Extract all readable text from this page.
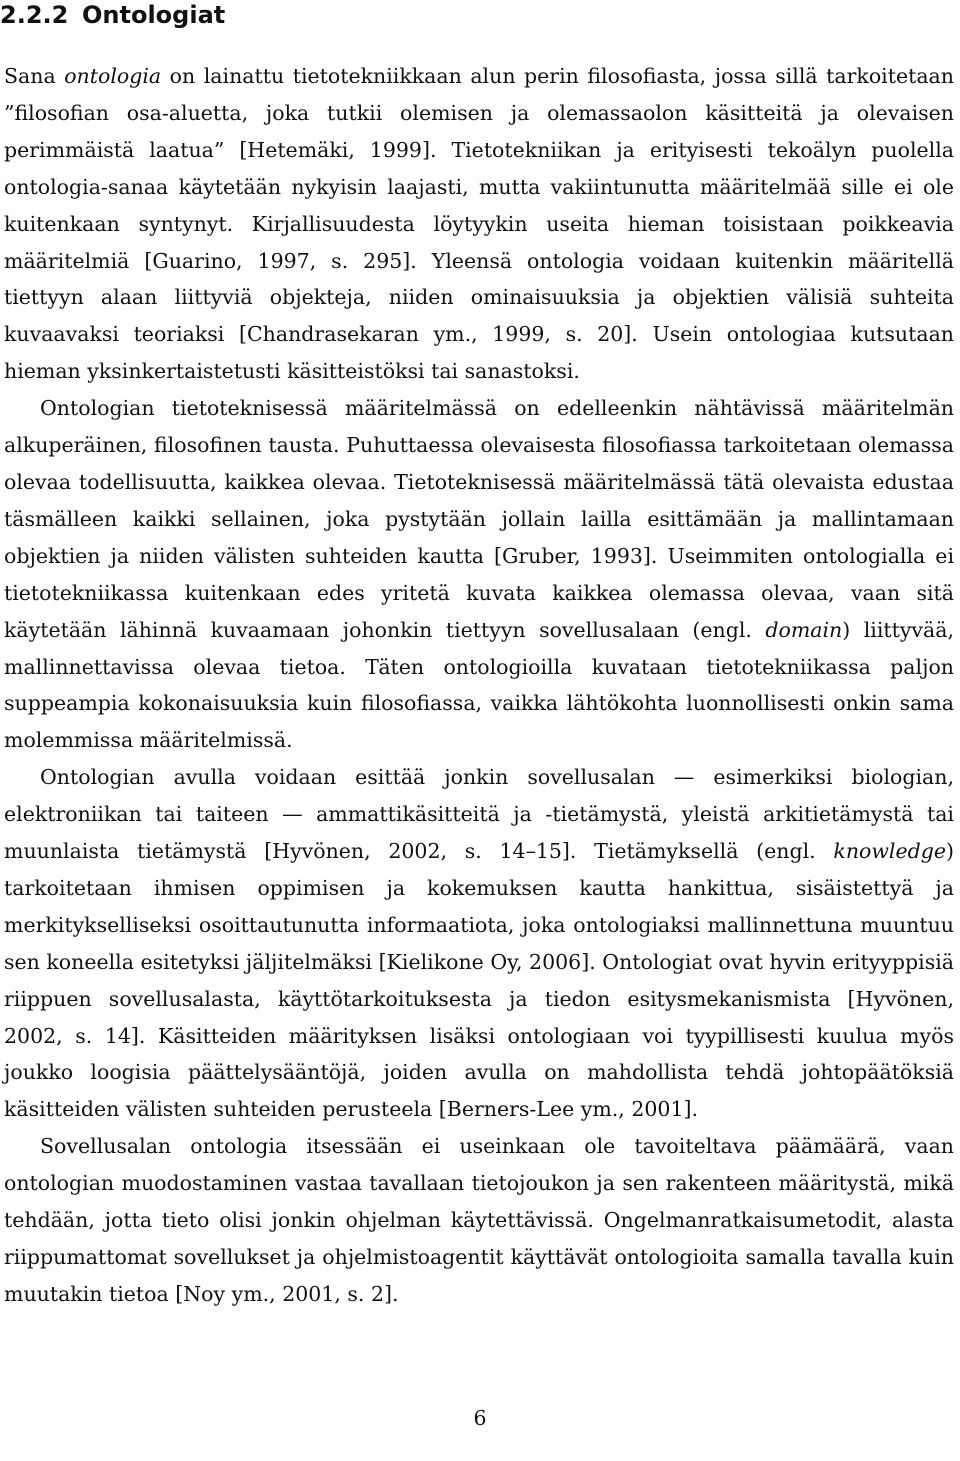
2.2.2 Ontologiat

Sana ontologia on lainattu tietotekniikkaan alun perin filosofiasta, jossa sillä tarkoitetaan ”filosofian osa-aluetta, joka tutkii olemisen ja olemassaolon käsitteitä ja olevaisen perimmäistä laatua” [Hetemäki, 1999]. Tietotekniikan ja erityisesti tekoälyn puolella ontologia-sanaa käytetään nykyisin laajasti, mutta vakiintunutta määritelmää sille ei ole kuitenkaan syntynyt. Kirjallisuudesta löytyykin useita hieman toisistaan poikkeavia määritelmiä [Guarino, 1997, s. 295]. Yleensä ontologia voidaan kuitenkin määritellä tiettyyn alaan liittyviä objekteja, niiden ominaisuuksia ja objektien välisiä suhteita kuvaavaksi teoriaksi [Chandrasekaran ym., 1999, s. 20]. Usein ontologiaa kutsutaan hieman yksinkertaistetusti käsitteistöksi tai sanastoksi.

Ontologian tietoteknisessä määritelmässä on edelleenkin nähtävissä määritelmän alkuperäinen, filosofinen tausta. Puhuttaessa olevaisesta filosofiassa tarkoitetaan olemassa olevaa todellisuutta, kaikkea olevaa. Tietoteknisessä määritelmässä tätä olevaista edustaa täsmälleen kaikki sellainen, joka pystytään jollain lailla esittämään ja mallintamaan objektien ja niiden välisten suhteiden kautta [Gruber, 1993]. Useimmiten ontologialla ei tietotekniikassa kuitenkaan edes yritetä kuvata kaikkea olemassa olevaa, vaan sitä käytetään lähinnä kuvaamaan johonkin tiettyyn sovellusalaan (engl. domain) liittyvää, mallinnettavissa olevaa tietoa. Täten ontologioilla kuvataan tietotekniikassa paljon suppeampia kokonaisuuksia kuin filosofiassa, vaikka lähtökohta luonnollisesti onkin sama molemmissa määritelmissä.

Ontologian avulla voidaan esittää jonkin sovellusalan — esimerkiksi biologian, elektroniikan tai taiteen — ammattikäsitteitä ja -tietämystä, yleistä arkitietämystä tai muunlaista tietämystä [Hyvönen, 2002, s. 14–15]. Tietämyksellä (engl. knowledge) tarkoitetaan ihmisen oppimisen ja kokemuksen kautta hankittua, sisäistettyä ja merkitykselliseksi osoittautunutta informaatiota, joka ontologiaksi mallinnettuna muuntuu sen koneella esitetyksi jäljitelmäksi [Kielikone Oy, 2006]. Ontologiat ovat hyvin erityyppisiä riippuen sovellusalasta, käyttötarkoituksesta ja tiedon esitysmekanismista [Hyvönen, 2002, s. 14]. Käsitteiden määrityksen lisäksi ontologiaan voi tyypillisesti kuulua myös joukko loogisia päättelysääntöjä, joiden avulla on mahdollista tehdä johtopäätöksiä käsitteiden välisten suhteiden perusteela [Berners-Lee ym., 2001].

Sovellusalan ontologia itsessään ei useinkaan ole tavoiteltava päämäärä, vaan ontologian muodostaminen vastaa tavallaan tietojoukon ja sen rakenteen määritystä, mikä tehdään, jotta tieto olisi jonkin ohjelman käytettävissä. Ongelmanratkaisumetodit, alasta riippumattomat sovellukset ja ohjelmistoagentit käyttävät ontologioita samalla tavalla kuin muutakin tietoa [Noy ym., 2001, s. 2].

6
